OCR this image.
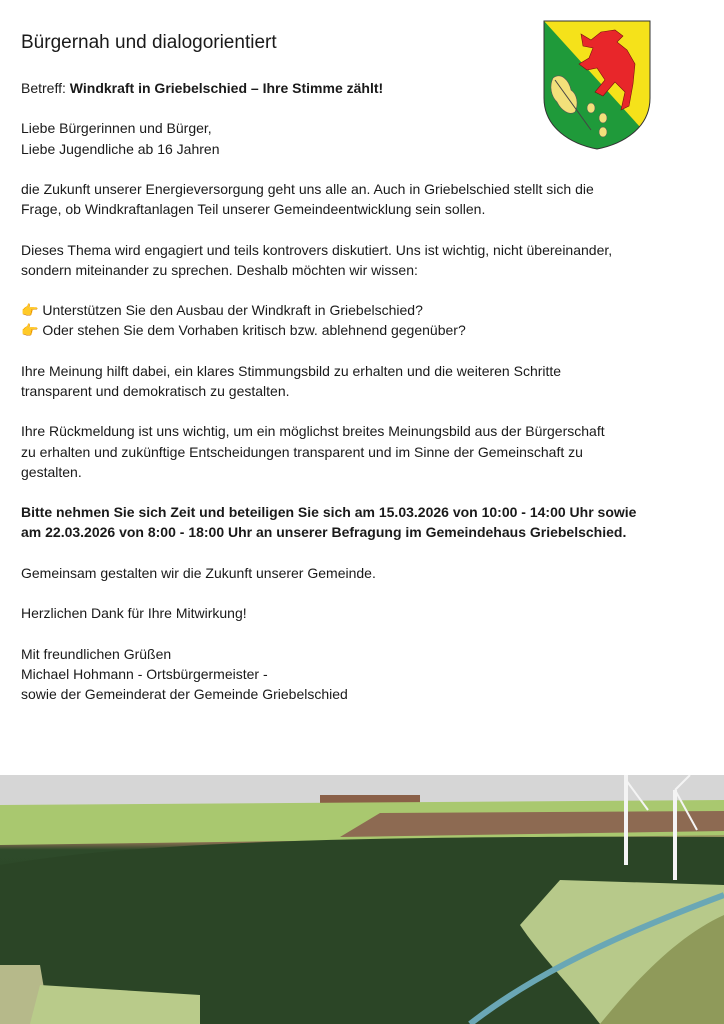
Bürgernah und dialogorientiert
Betreff: Windkraft in Griebelschied – Ihre Stimme zählt!
Liebe Bürgerinnen und Bürger,
Liebe Jugendliche ab 16 Jahren
die Zukunft unserer Energieversorgung geht uns alle an. Auch in Griebelschied stellt sich die
Frage, ob Windkraftanlagen Teil unserer Gemeindeentwicklung sein sollen.
Dieses Thema wird engagiert und teils kontrovers diskutiert. Uns ist wichtig, nicht übereinander,
sondern miteinander zu sprechen. Deshalb möchten wir wissen:
👉 Unterstützen Sie den Ausbau der Windkraft in Griebelschied?
👉 Oder stehen Sie dem Vorhaben kritisch bzw. ablehnend gegenüber?
Ihre Meinung hilft dabei, ein klares Stimmungsbild zu erhalten und die weiteren Schritte
transparent und demokratisch zu gestalten.
Ihre Rückmeldung ist uns wichtig, um ein möglichst breites Meinungsbild aus der Bürgerschaft
zu erhalten und zukünftige Entscheidungen transparent und im Sinne der Gemeinschaft zu
gestalten.
Bitte nehmen Sie sich Zeit und beteiligen Sie sich am 15.03.2026 von 10:00 - 14:00 Uhr sowie
am 22.03.2026 von 8:00 - 18:00 Uhr an unserer Befragung im Gemeindehaus Griebelschied.
Gemeinsam gestalten wir die Zukunft unserer Gemeinde.
Herzlichen Dank für Ihre Mitwirkung!
Mit freundlichen Grüßen
Michael Hohmann - Ortsbürgermeister -
sowie der Gemeinderat der Gemeinde Griebelschied
